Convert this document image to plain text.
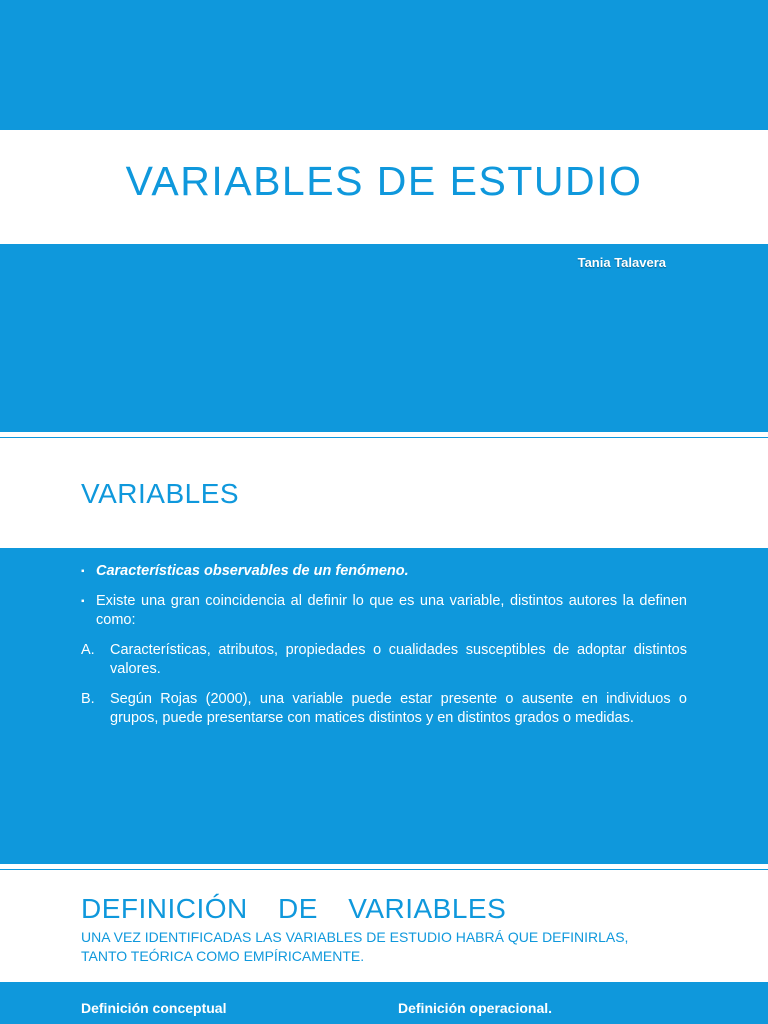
VARIABLES DE ESTUDIO
Tania Talavera
VARIABLES
▪ Características observables de un fenómeno.
▪ Existe una gran coincidencia al definir lo que es una variable, distintos autores la definen como:
A.	Características, atributos, propiedades o cualidades susceptibles de adoptar distintos valores.
B.	Según Rojas (2000), una variable puede estar presente o ausente en individuos o grupos, puede presentarse con matices distintos y en distintos grados o medidas.
DEFINICIÓN DE VARIABLES
UNA VEZ IDENTIFICADAS LAS VARIABLES DE ESTUDIO HABRÁ QUE DEFINIRLAS, TANTO TEÓRICA COMO EMPÍRICAMENTE.
Definición conceptual	Definición operacional.
